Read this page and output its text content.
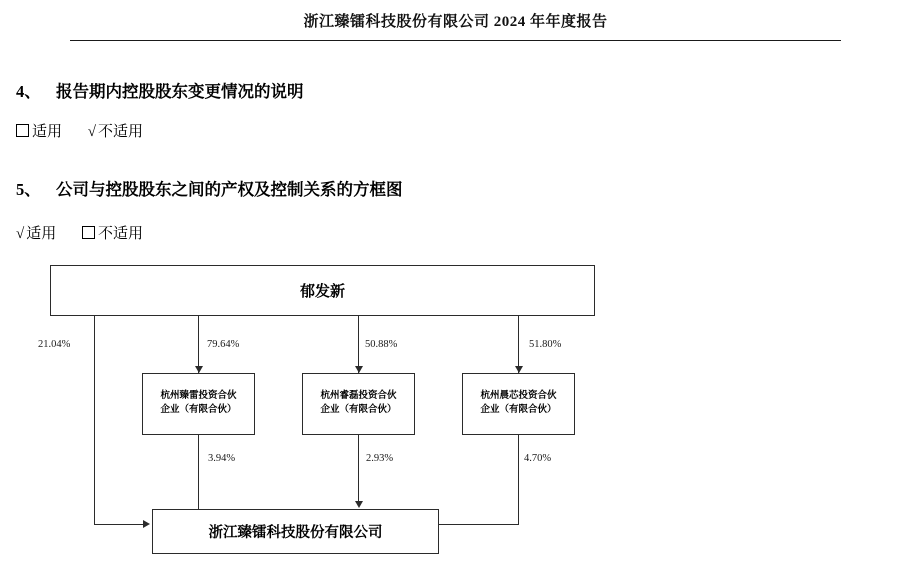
浙江臻镭科技股份有限公司 2024 年年度报告
4、 报告期内控股股东变更情况的说明
适用 √ 不适用
5、 公司与控股股东之间的产权及控制关系的方框图
√ 适用	不适用
郁发新
21.04%	79.64%	50.88%	51.80%
杭州臻雷投资合伙
企业（有限合伙）
杭州睿磊投资合伙
企业（有限合伙）
杭州晨芯投资合伙
企业（有限合伙）
3.94%	2.93%	4.70%
浙江臻镭科技股份有限公司
